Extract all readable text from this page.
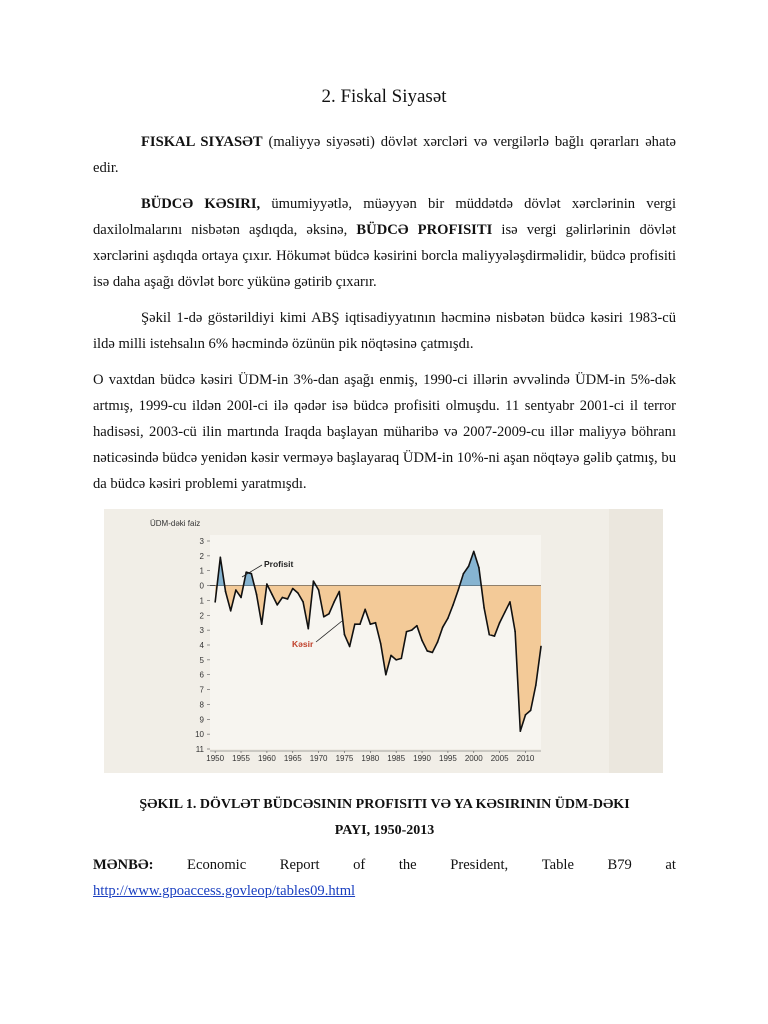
2. Fiskal Siyasət

FISKAL SIYASƏT (maliyyə siyəsəti) dövlət xərcləri və vergilərlə bağlı qərarları əhatə edir.

BÜDCƏ KƏSIRI, ümumiyyətlə, müəyyən bir müddətdə dövlət xərclərinin vergi daxilolmalarını nisbətən aşdıqda, əksinə, BÜDCƏ PROFISITI isə vergi gəlirlərinin dövlət xərclərini aşdıqda ortaya çıxır. Hökumət büdcə kəsirini borcla maliyyələşdirmәlidir, büdcə profisiti isə daha aşağı dövlət borc yükünə gətirib çıxarır.

Şəkil 1-də göstərildiyi kimi ABŞ iqtisadiyyatının həcminə nisbətən büdcə kəsiri 1983-cü ildə milli istehsalın 6% həcmində özünün pik nöqtəsinə çatmışdı.

O vaxtdan büdcə kəsiri ÜDM-in 3%-dan aşağı enmiş, 1990-ci illərin əvvəlində ÜDM-in 5%-dək artmış, 1999-cu ildən 200l-ci ilə qədər isə büdcə profisiti olmuşdu. 11 sentyabr 2001-ci il terror hadisəsi, 2003-cü ilin martında Iraqda başlayan müharibə və 2007-2009-cu illər maliyyə böhranı nəticəsində büdcə yenidən kəsir verməyə başlayaraq ÜDM-in 10%-ni aşan nöqtəyə gəlib çatmış, bu da büdcə kəsiri problemi yaratmışdı.

ÜDM-dəki faiz
3
2
1
0
1
2
3
4
5
6
7
8
9
10
11
Profisit
Kəsir
1950 1955 1960 1965 1970 1975 1980 1985 1990 1995 2000 2005 2010
ŞƏKIL 1. DÖVLƏT BÜDCƏSININ PROFISITI VƏ YA KƏSIRININ ÜDM-DƏKI
PAYI, 1950-2013
MƏNBƏ: Economic Report of the President, Table B79 at
http://www.gpoaccess.govleop/tables09.html
